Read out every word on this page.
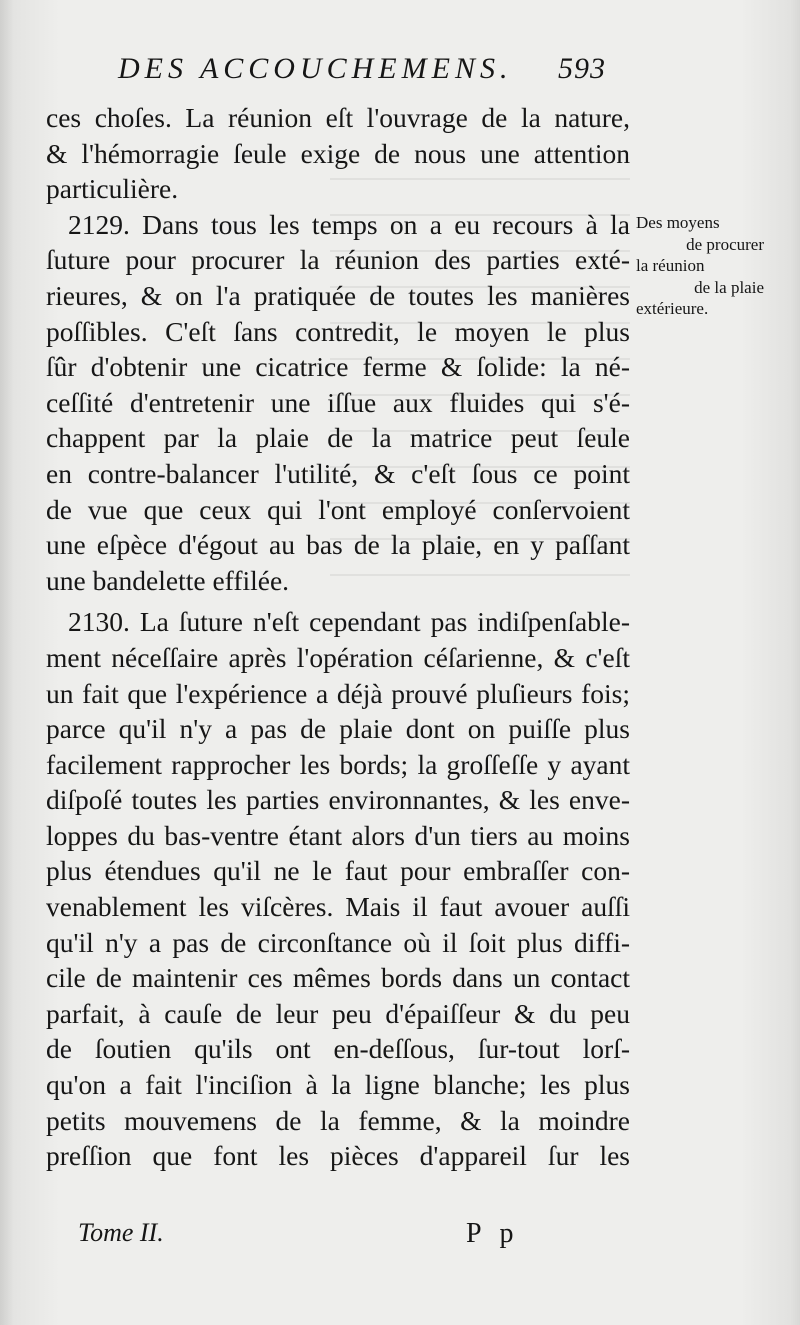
DES ACCOUCHEMENS. 593
ces choſes. La réunion eſt l'ouvrage de la nature,
& l'hémorragie ſeule exige de nous une attention
particulière.
2129. Dans tous les temps on a eu recours à la
ſuture pour procurer la réunion des parties exté-
rieures, & on l'a pratiquée de toutes les manières
poſſibles. C'eſt ſans contredit, le moyen le plus
ſûr d'obtenir une cicatrice ferme & ſolide: la né-
ceſſité d'entretenir une iſſue aux fluides qui s'é-
chappent par la plaie de la matrice peut ſeule
en contre-balancer l'utilité, & c'eſt ſous ce point
de vue que ceux qui l'ont employé conſervoient
une eſpèce d'égout au bas de la plaie, en y paſſant
une bandelette effilée.
2130. La ſuture n'eſt cependant pas indiſpenſable-
ment néceſſaire après l'opération céſarienne, & c'eſt
un fait que l'expérience a déjà prouvé pluſieurs fois;
parce qu'il n'y a pas de plaie dont on puiſſe plus
facilement rapprocher les bords; la groſſeſſe y ayant
diſpoſé toutes les parties environnantes, & les enve-
loppes du bas-ventre étant alors d'un tiers au moins
plus étendues qu'il ne le faut pour embraſſer con-
venablement les viſcères. Mais il faut avouer auſſi
qu'il n'y a pas de circonſtance où il ſoit plus diffi-
cile de maintenir ces mêmes bords dans un contact
parfait, à cauſe de leur peu d'épaiſſeur & du peu
de ſoutien qu'ils ont en-deſſous, ſur-tout lorſ-
qu'on a fait l'inciſion à la ligne blanche; les plus
petits mouvemens de la femme, & la moindre
preſſion que font les pièces d'appareil ſur les
Des moyens
de procurer
la réunion
de la plaie
extérieure.
Tome II.	P p
